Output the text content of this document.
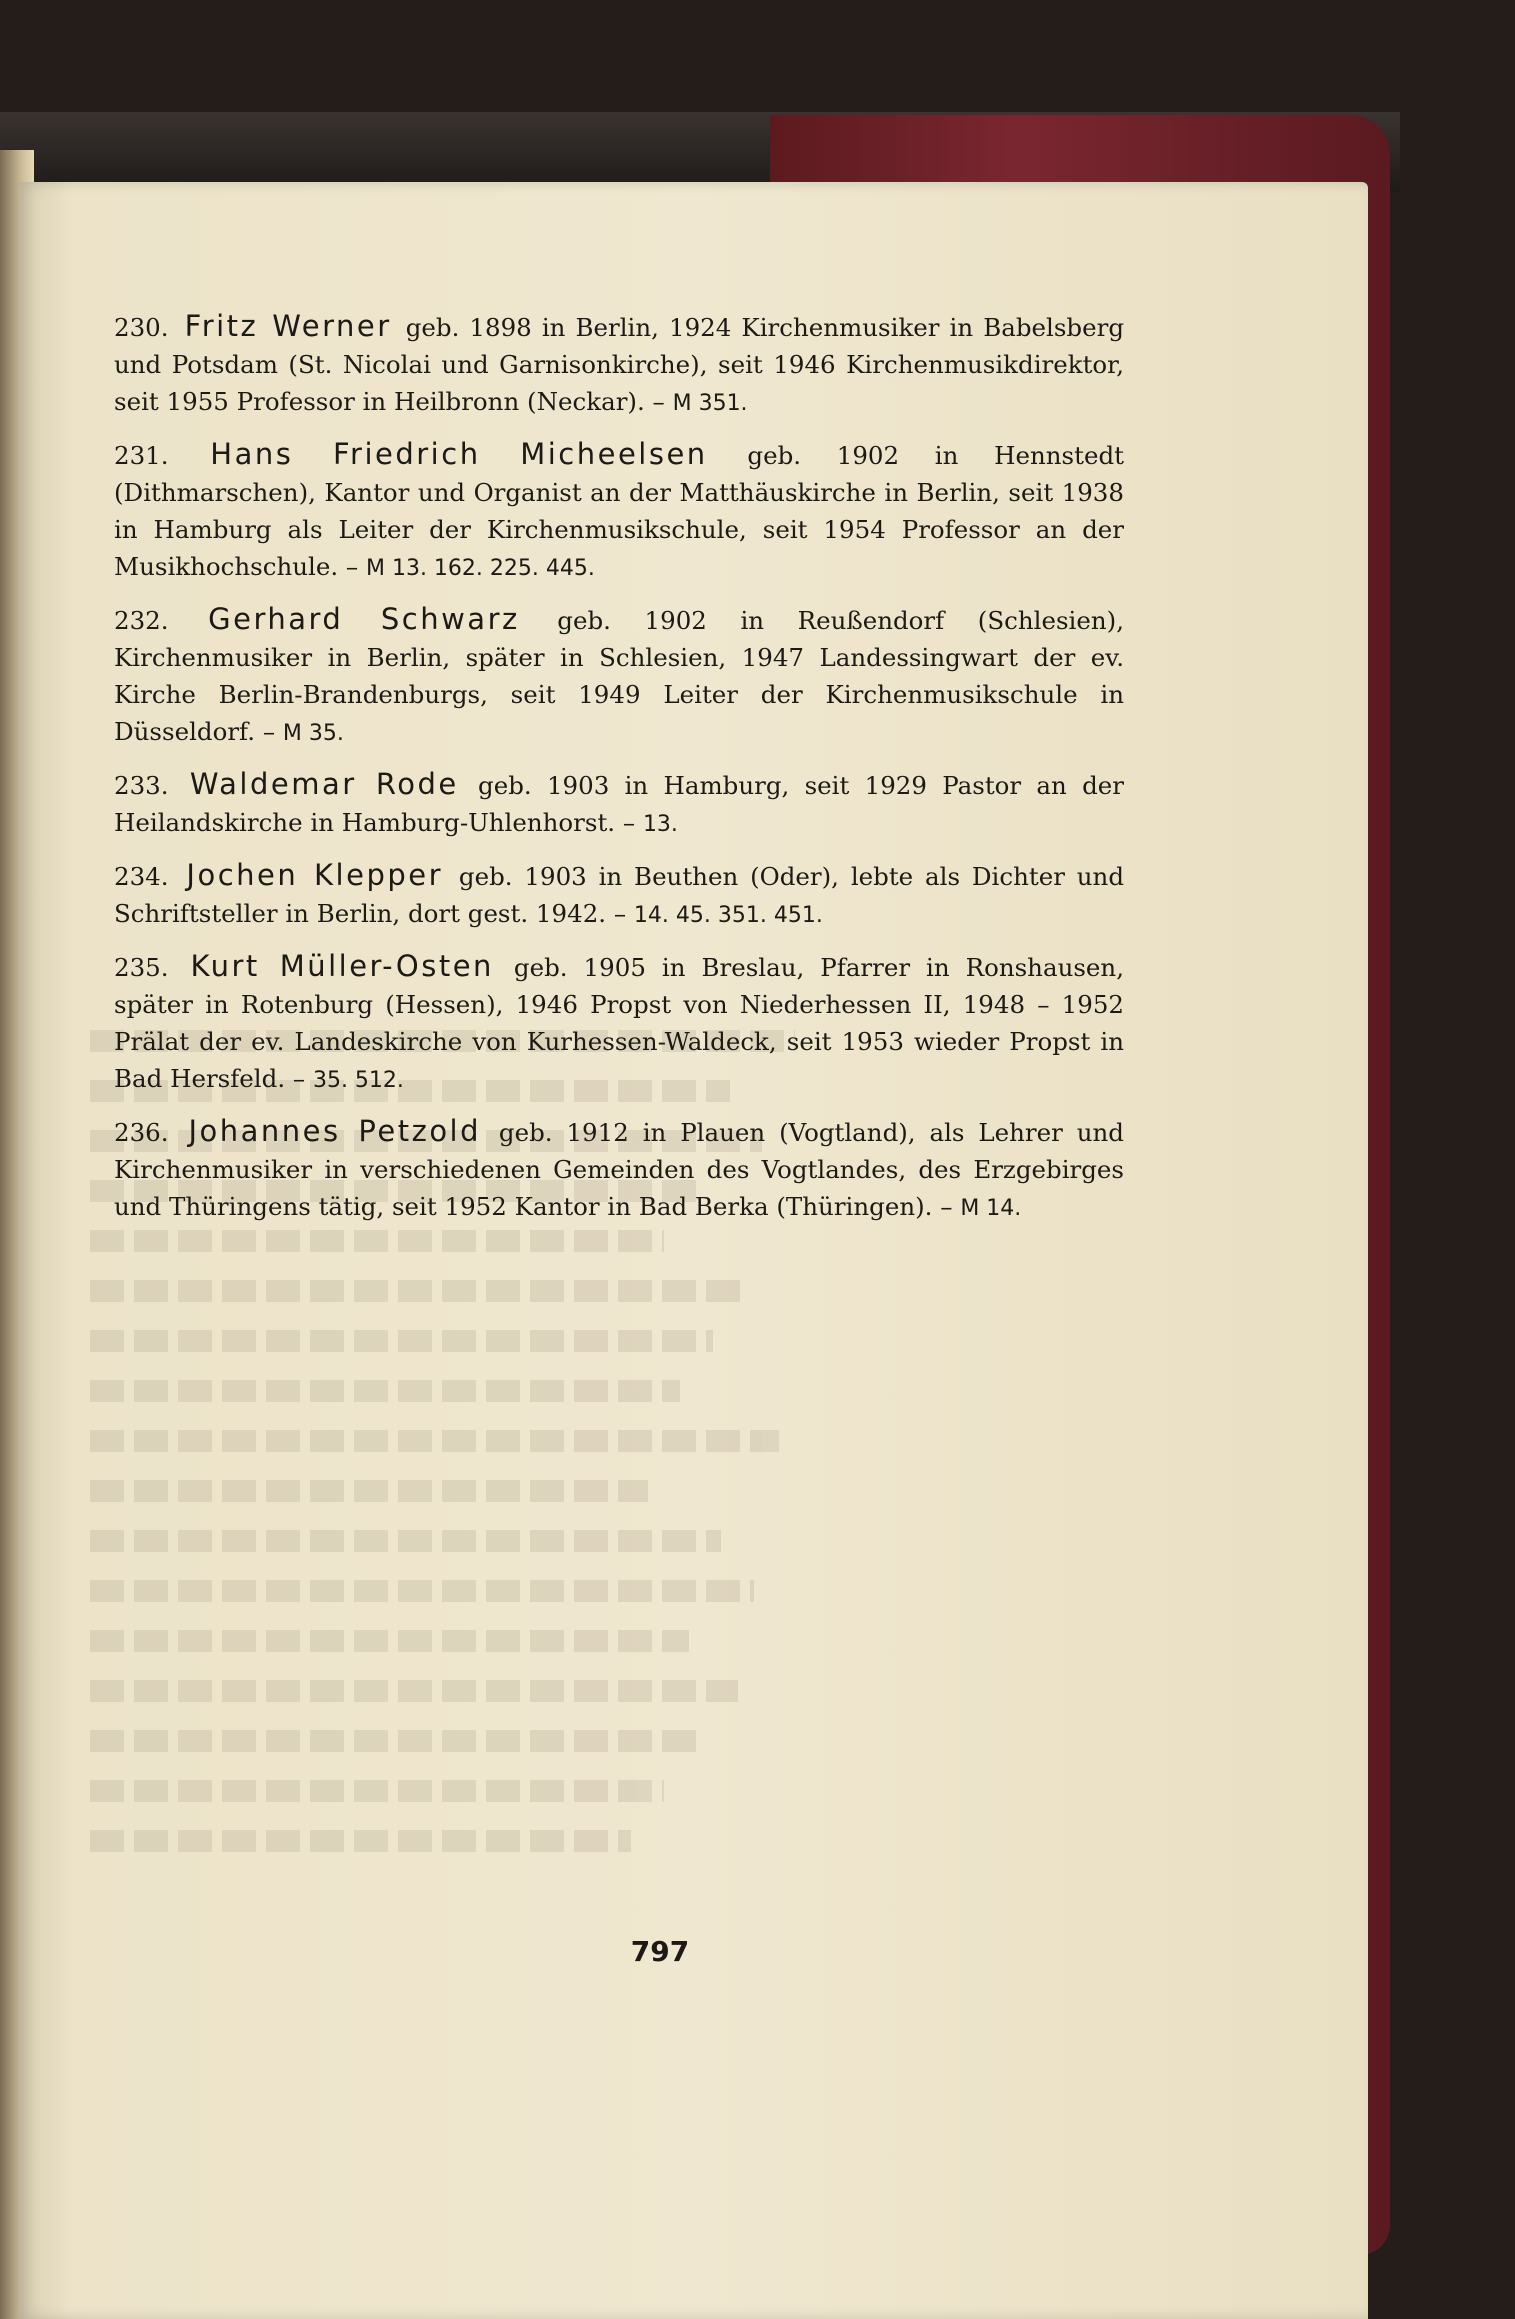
230. Fritz Werner geb. 1898 in Berlin, 1924 Kirchenmusiker in Babelsberg und Potsdam (St. Nicolai und Garnisonkirche), seit 1946 Kirchenmusikdirektor, seit 1955 Professor in Heilbronn (Neckar). – M 351.
231. Hans Friedrich Micheelsen geb. 1902 in Hennstedt (Dithmarschen), Kantor und Organist an der Matthäuskirche in Berlin, seit 1938 in Hamburg als Leiter der Kirchenmusikschule, seit 1954 Professor an der Musikhochschule. – M 13. 162. 225. 445.
232. Gerhard Schwarz geb. 1902 in Reußendorf (Schlesien), Kirchenmusiker in Berlin, später in Schlesien, 1947 Landessingwart der ev. Kirche Berlin-Brandenburgs, seit 1949 Leiter der Kirchenmusikschule in Düsseldorf. – M 35.
233. Waldemar Rode geb. 1903 in Hamburg, seit 1929 Pastor an der Heilandskirche in Hamburg-Uhlenhorst. – 13.
234. Jochen Klepper geb. 1903 in Beuthen (Oder), lebte als Dichter und Schriftsteller in Berlin, dort gest. 1942. – 14. 45. 351. 451.
235. Kurt Müller-Osten geb. 1905 in Breslau, Pfarrer in Ronshausen, später in Rotenburg (Hessen), 1946 Propst von Niederhessen II, 1948 – 1952 Prälat der ev. Landeskirche von Kurhessen-Waldeck, seit 1953 wieder Propst in Bad Hersfeld. – 35. 512.
236. Johannes Petzold geb. 1912 in Plauen (Vogtland), als Lehrer und Kirchenmusiker in verschiedenen Gemeinden des Vogtlandes, des Erzgebirges und Thüringens tätig, seit 1952 Kantor in Bad Berka (Thüringen). – M 14.
797
